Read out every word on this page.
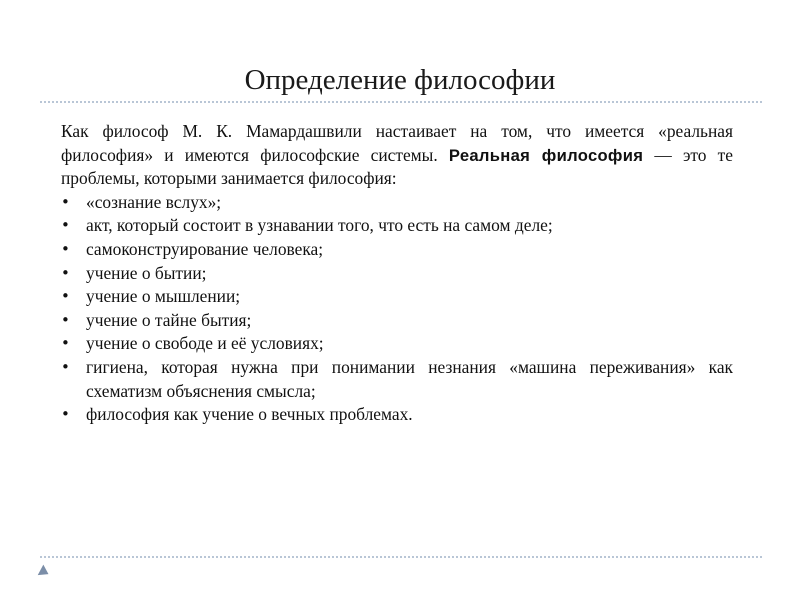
Определение философии

Как философ М. К. Мамардашвили настаивает на том, что имеется «реальная философия» и имеются философские системы. Реальная философия — это те проблемы, которыми занимается философия:

• «сознание вслух»;
• акт, который состоит в узнавании того, что есть на самом деле;
• самоконструирование человека;
• учение о бытии;
• учение о мышлении;
• учение о тайне бытия;
• учение о свободе и её условиях;
• гигиена, которая нужна при понимании незнания «машина переживания» как схематизм объяснения смысла;
• философия как учение о вечных проблемах.
